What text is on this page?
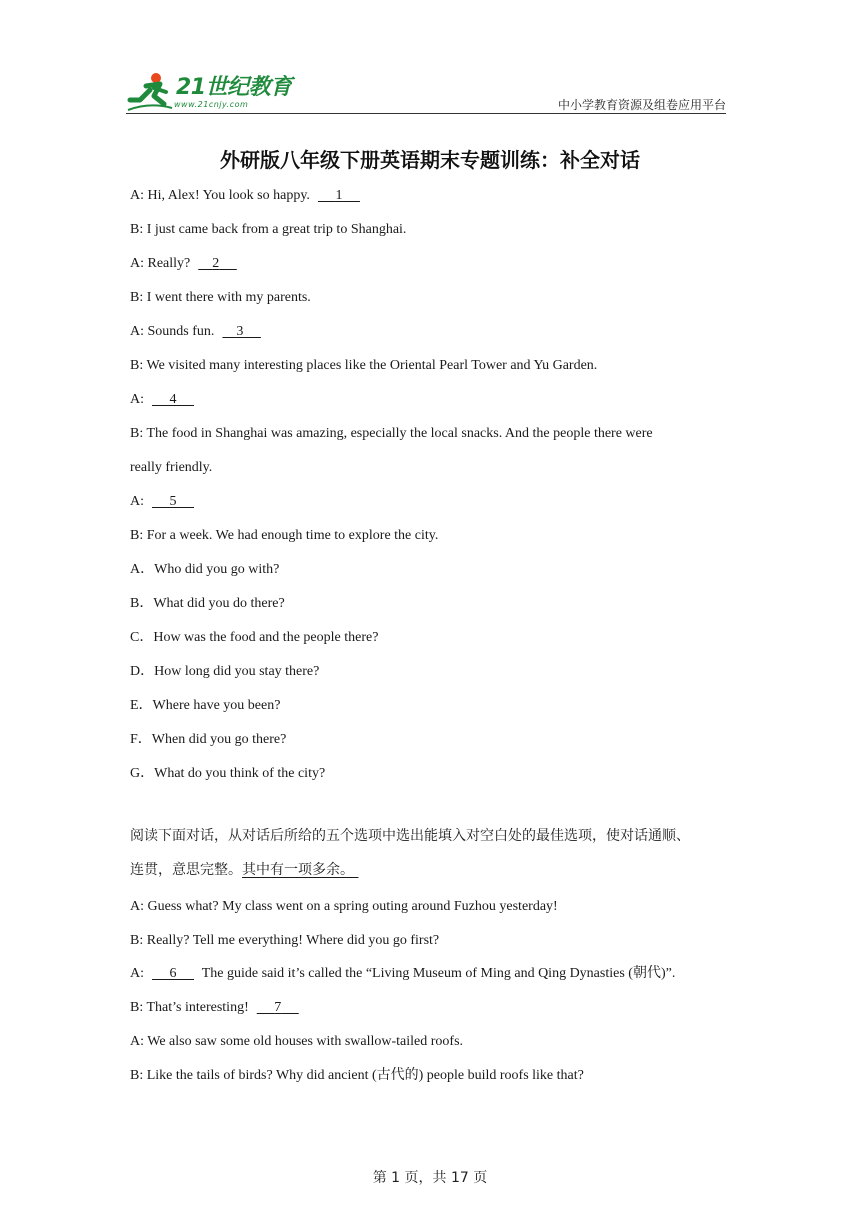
21世纪教育
www.21cnjy.com	中小学教育资源及组卷应用平台
外研版八年级下册英语期末专题训练：补全对话

A: Hi, Alex! You look so happy. 1

B: I just came back from a great trip to Shanghai.

A: Really? 2

B: I went there with my parents.

A: Sounds fun. 3

B: We visited many interesting places like the Oriental Pearl Tower and Yu Garden.

A: 4

B: The food in Shanghai was amazing, especially the local snacks. And the people there were

really friendly.

A: 5

B: For a week. We had enough time to explore the city.

A．Who did you go with?

B．What did you do there?

C．How was the food and the people there?

D．How long did you stay there?

E．Where have you been?

F．When did you go there?

G．What do you think of the city?

阅读下面对话，从对话后所给的五个选项中选出能填入对空白处的最佳选项，使对话通顺、

连贯，意思完整。其中有一项多余。

A: Guess what? My class went on a spring outing around Fuzhou yesterday!

B: Really? Tell me everything! Where did you go first?

A: 6 The guide said it’s called the “Living Museum of Ming and Qing Dynasties (朝代)”.

B: That’s interesting! 7

A: We also saw some old houses with swallow-tailed roofs.

B: Like the tails of birds? Why did ancient (古代的) people build roofs like that?

第 1 页，共 17 页
